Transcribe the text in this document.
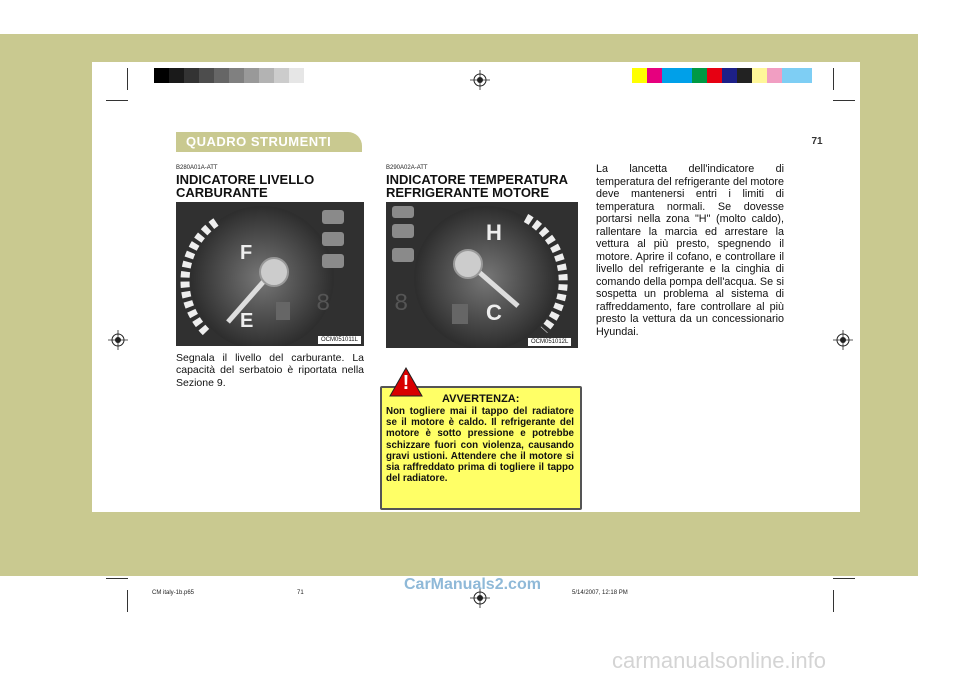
CARATTERISTICHE DELLA VETTURA 1
QUADRO STRUMENTI	71
B280A01A-ATT
INDICATORE LIVELLO
CARBURANTE
8
F
E
OCM051011L
Segnala il livello del carburante. La capacità del serbatoio è riportata nella Sezione 9.
B290A02A-ATT
INDICATORE TEMPERATURA
REFRIGERANTE MOTORE
8
H
C
OCM051012L
AVVERTENZA:
Non togliere mai il tappo del radiatore se il motore è caldo. Il refrigerante del motore è sotto pressione e potrebbe schizzare fuori con violenza, causando gravi ustioni. Attendere che il motore si sia raffreddato prima di togliere il tappo del radiatore.
!
La lancetta dell'indicatore di temperatura del refrigerante del motore deve mantenersi entri i limiti di temperatura normali. Se dovesse portarsi nella zona "H" (molto caldo), rallentare la marcia ed arrestare la vettura al più presto, spegnendo il motore. Aprire il cofano, e controllare il livello del refrigerante e la cinghia di comando della pompa dell'acqua. Se si sospetta un problema al sistema di raffreddamento, fare controllare al più presto la vettura da un concessionario Hyundai.
CM italy-1b.p65	71	5/14/2007, 12:18 PM
CarManuals2.com
carmanualsonline.info
